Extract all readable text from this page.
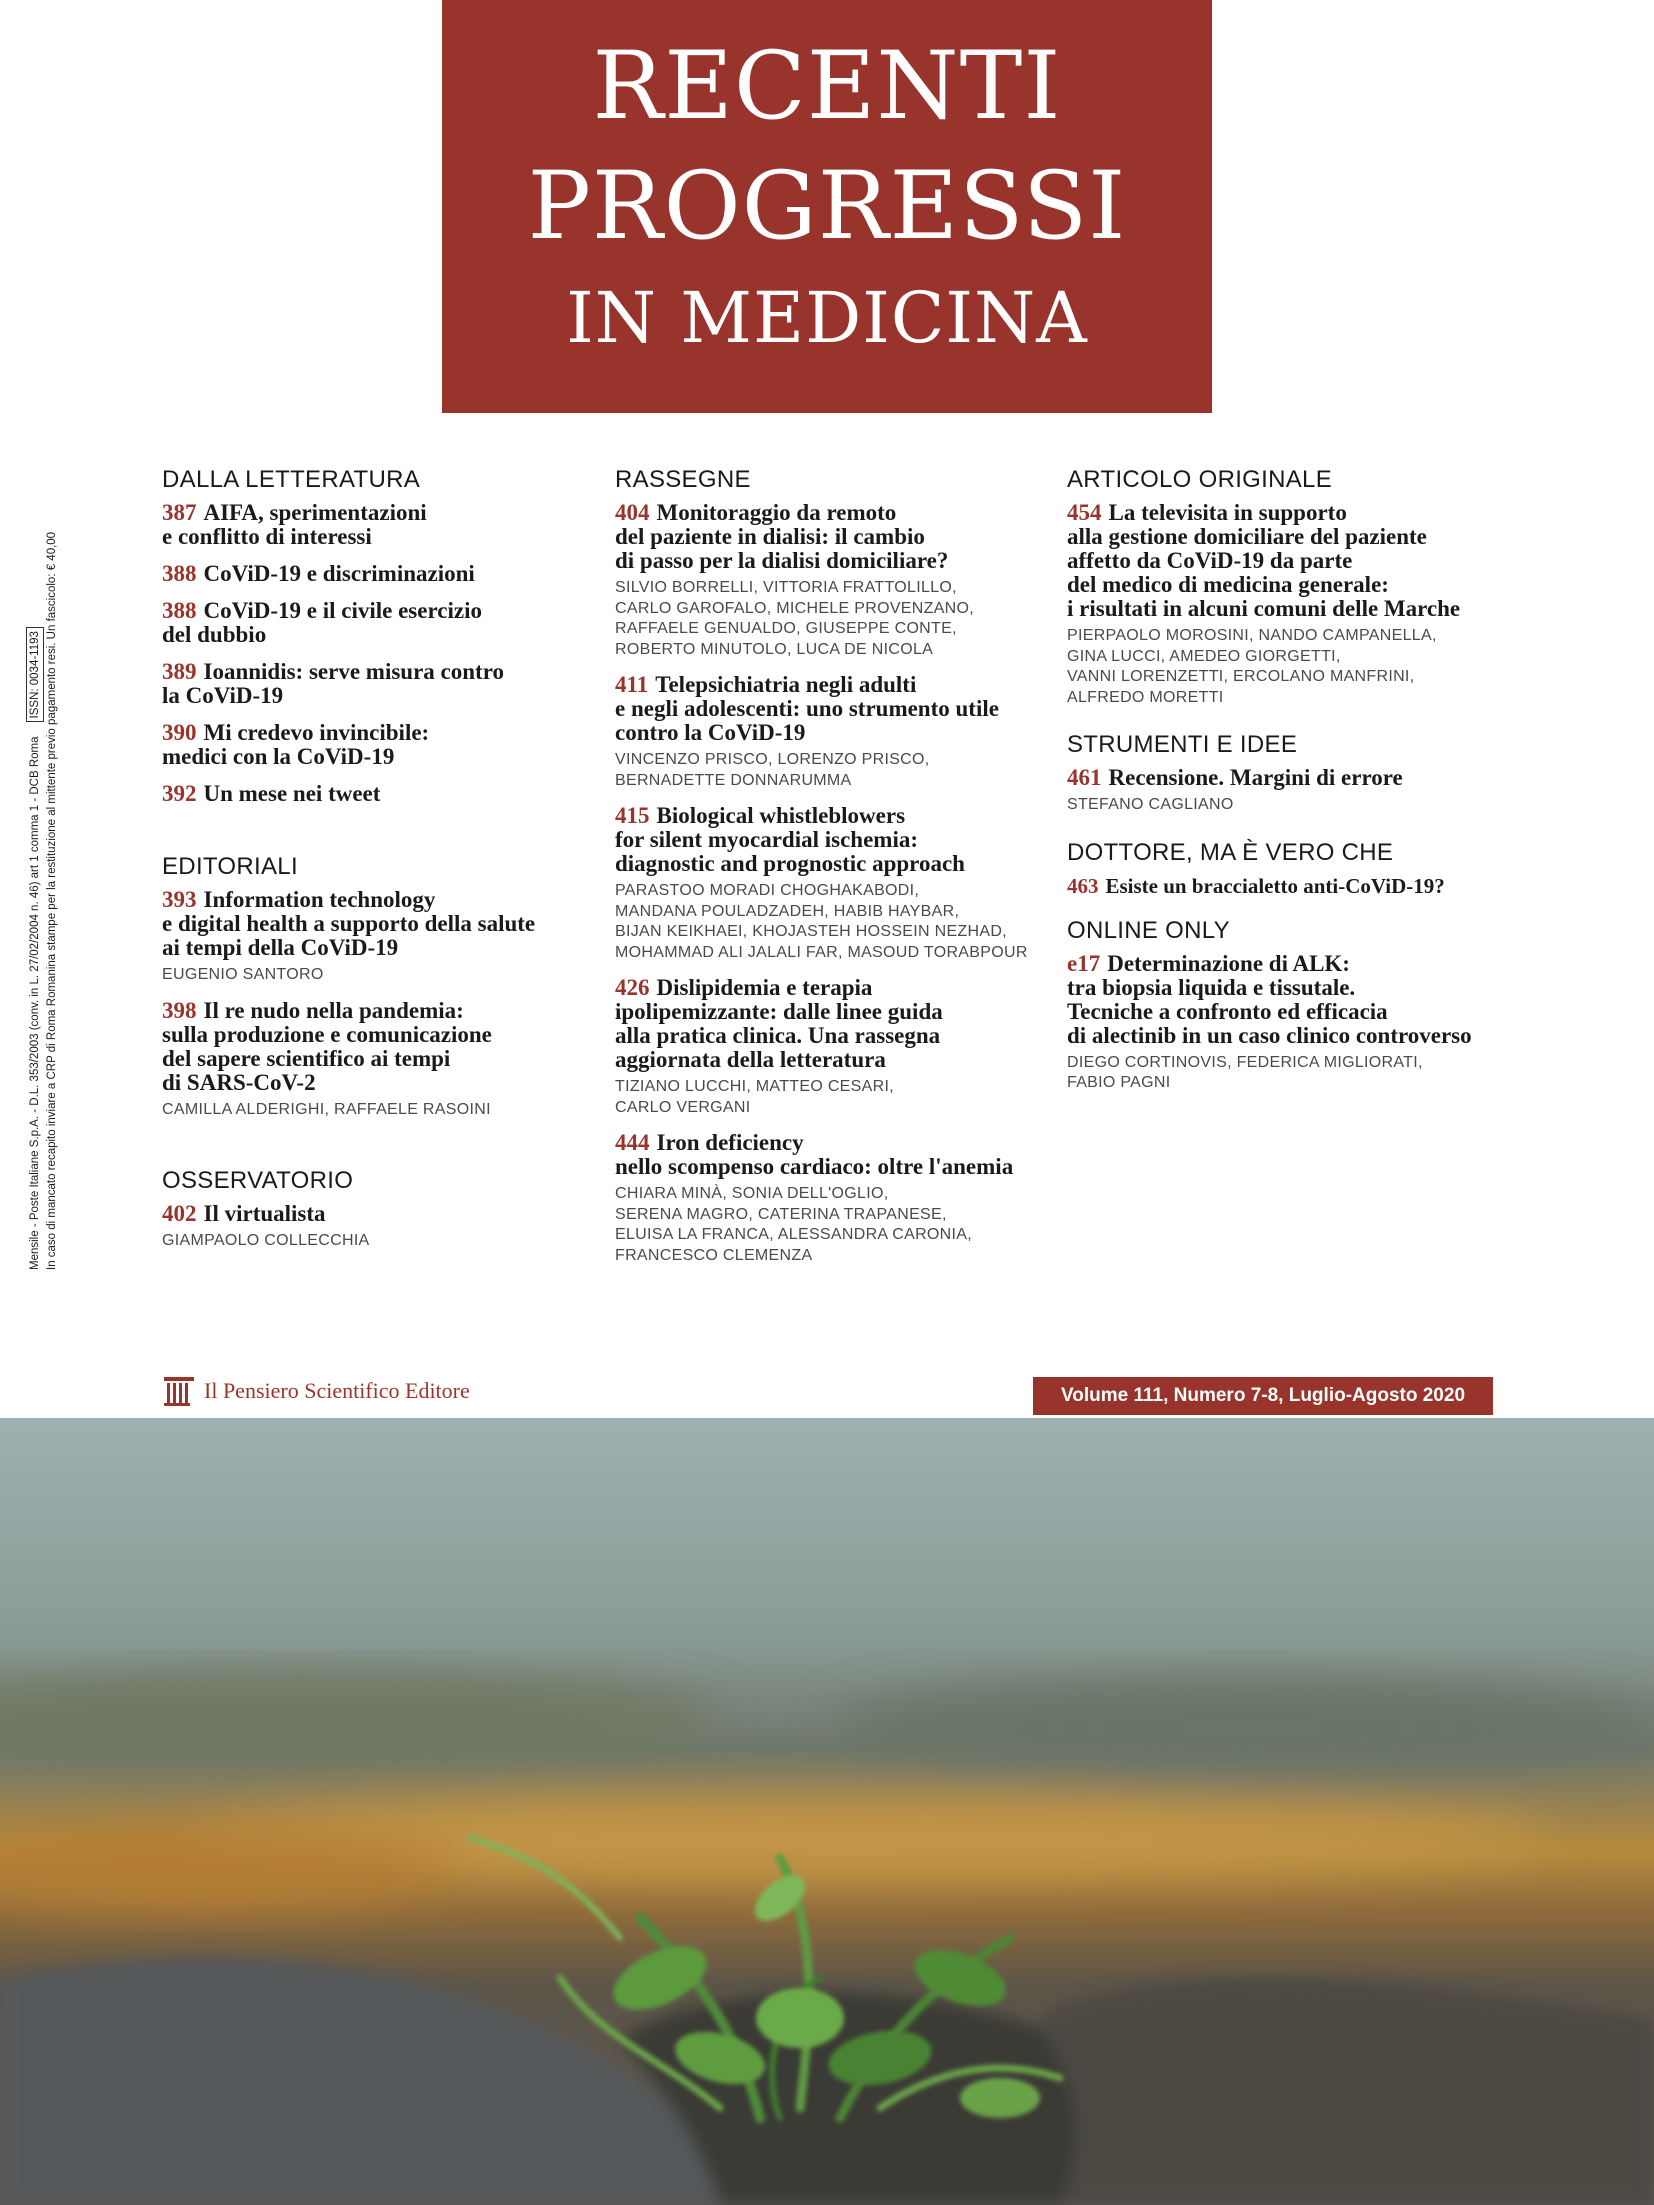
RECENTI
PROGRESSI
IN MEDICINA
Mensile - Poste Italiane S.p.A. - D.L. 353/2003 (conv. in L. 27/02/2004 n. 46) art 1 comma 1 - DCB RomaISSN: 0034-1193 In caso di mancato recapito inviare a CRP di Roma Romanina stampe per la restituzione al mittente previo pagamento resi. Un fascicolo: € 40,00
DALLA LETTERATURA
387 AIFA, sperimentazioni
e conflitto di interessi
388 CoViD-19 e discriminazioni
388 CoViD-19 e il civile esercizio
del dubbio
389 Ioannidis: serve misura contro
la CoViD-19
390 Mi credevo invincibile:
medici con la CoViD-19
392 Un mese nei tweet
EDITORIALI
393 Information technology
e digital health a supporto della salute
ai tempi della CoViD-19
EUGENIO SANTORO
398 Il re nudo nella pandemia:
sulla produzione e comunicazione
del sapere scientifico ai tempi
di SARS-CoV-2
CAMILLA ALDERIGHI, RAFFAELE RASOINI
OSSERVATORIO
402 Il virtualista
GIAMPAOLO COLLECCHIA
RASSEGNE
404 Monitoraggio da remoto
del paziente in dialisi: il cambio
di passo per la dialisi domiciliare?
SILVIO BORRELLI, VITTORIA FRATTOLILLO,
CARLO GAROFALO, MICHELE PROVENZANO,
RAFFAELE GENUALDO, GIUSEPPE CONTE,
ROBERTO MINUTOLO, LUCA DE NICOLA
411 Telepsichiatria negli adulti
e negli adolescenti: uno strumento utile
contro la CoViD-19
VINCENZO PRISCO, LORENZO PRISCO,
BERNADETTE DONNARUMMA
415 Biological whistleblowers
for silent myocardial ischemia:
diagnostic and prognostic approach
PARASTOO MORADI CHOGHAKABODI,
MANDANA POULADZADEH, HABIB HAYBAR,
BIJAN KEIKHAEI, KHOJASTEH HOSSEIN NEZHAD,
MOHAMMAD ALI JALALI FAR, MASOUD TORABPOUR
426 Dislipidemia e terapia
ipolipemizzante: dalle linee guida
alla pratica clinica. Una rassegna
aggiornata della letteratura
TIZIANO LUCCHI, MATTEO CESARI,
CARLO VERGANI
444 Iron deficiency
nello scompenso cardiaco: oltre l'anemia
CHIARA MINÀ, SONIA DELL'OGLIO,
SERENA MAGRO, CATERINA TRAPANESE,
ELUISA LA FRANCA, ALESSANDRA CARONIA,
FRANCESCO CLEMENZA
ARTICOLO ORIGINALE
454 La televisita in supporto
alla gestione domiciliare del paziente
affetto da CoViD-19 da parte
del medico di medicina generale:
i risultati in alcuni comuni delle Marche
PIERPAOLO MOROSINI, NANDO CAMPANELLA,
GINA LUCCI, AMEDEO GIORGETTI,
VANNI LORENZETTI, ERCOLANO MANFRINI,
ALFREDO MORETTI
STRUMENTI E IDEE
461 Recensione. Margini di errore
STEFANO CAGLIANO
DOTTORE, MA È VERO CHE
463 Esiste un braccialetto anti-CoViD-19?
ONLINE ONLY
e17 Determinazione di ALK:
tra biopsia liquida e tissutale.
Tecniche a confronto ed efficacia
di alectinib in un caso clinico controverso
DIEGO CORTINOVIS, FEDERICA MIGLIORATI,
FABIO PAGNI
Il Pensiero Scientifico Editore	Volume 111, Numero 7-8, Luglio-Agosto 2020
